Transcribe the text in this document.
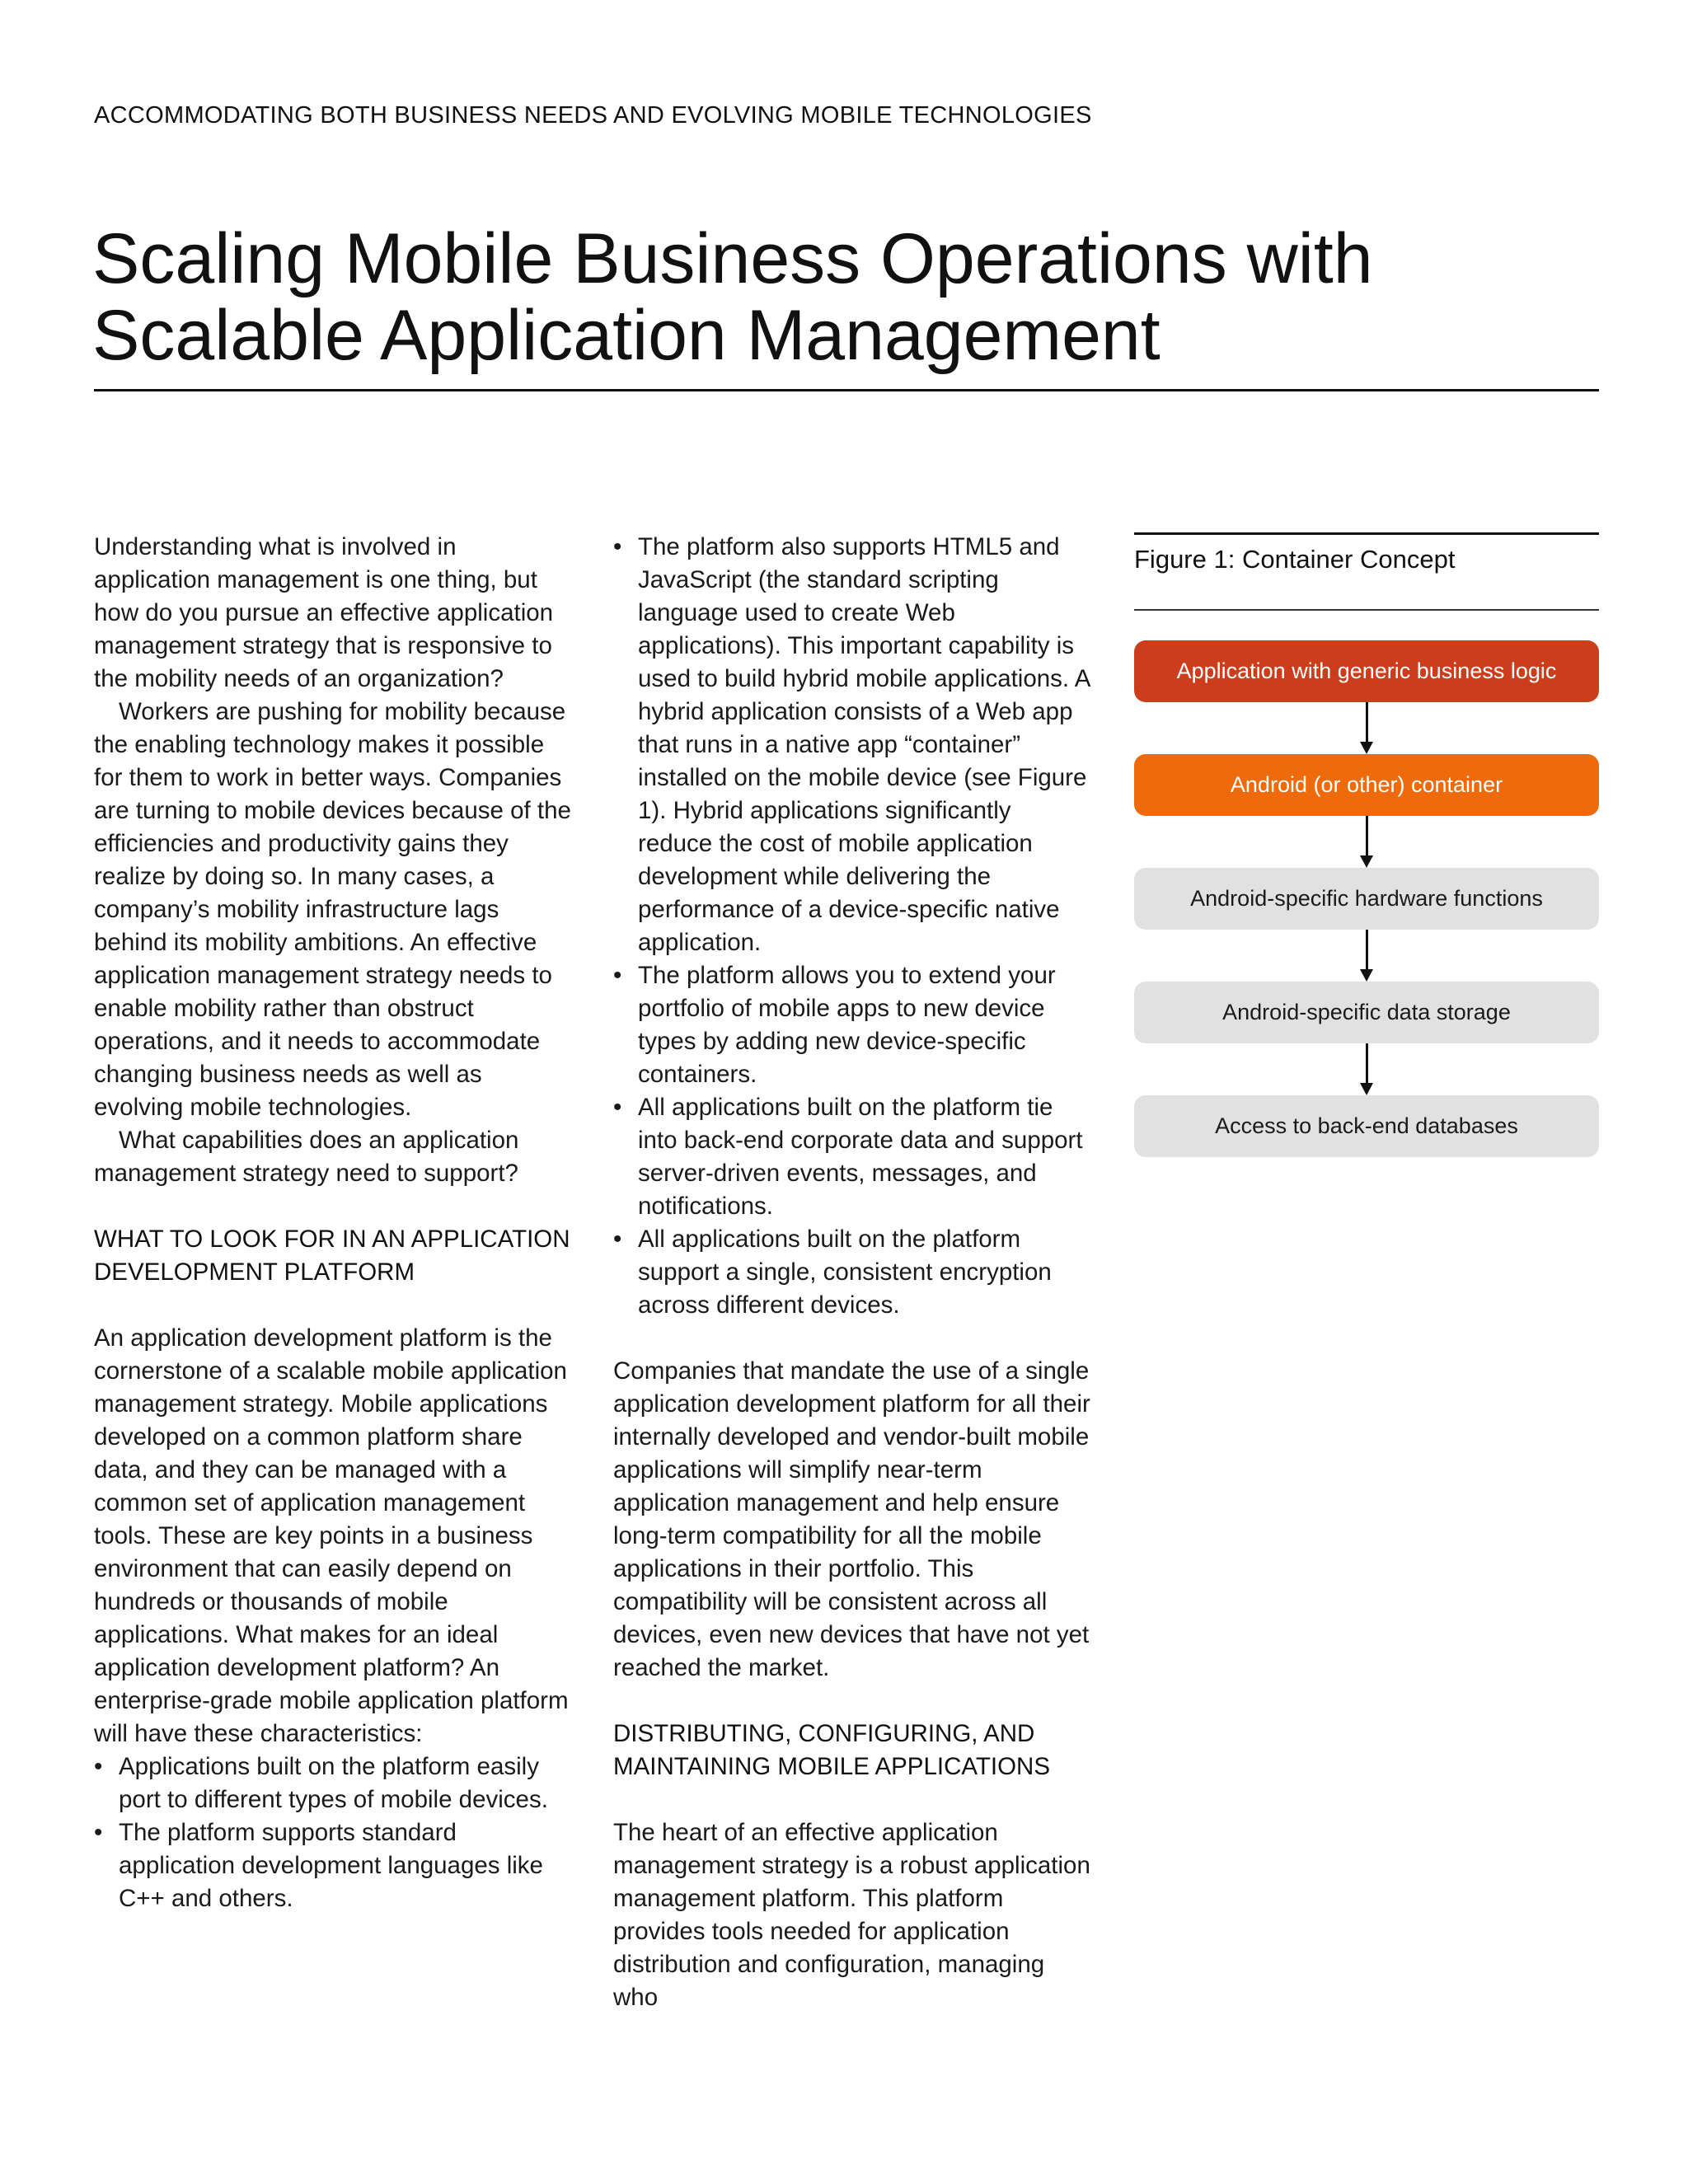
ACCOMMODATING BOTH BUSINESS NEEDS AND EVOLVING MOBILE TECHNOLOGIES
Scaling Mobile Business Operations with
Scalable Application Management

Understanding what is involved in application management is one thing, but how do you pursue an effective application management strategy that is responsive to the mobility needs of an organization?

Workers are pushing for mobility because the enabling technology makes it possible for them to work in better ways. Companies are turning to mobile devices because of the efficiencies and productivity gains they realize by doing so. In many cases, a company’s mobility infrastructure lags behind its mobility ambitions. An effective application management strategy needs to enable mobility rather than obstruct operations, and it needs to accommodate changing business needs as well as evolving mobile technologies.

What capabilities does an application management strategy need to support?

WHAT TO LOOK FOR IN AN APPLICATION DEVELOPMENT PLATFORM

An application development platform is the cornerstone of a scalable mobile application management strategy. Mobile applications developed on a common platform share data, and they can be managed with a common set of application management tools. These are key points in a business environment that can easily depend on hundreds or thousands of mobile applications. What makes for an ideal application development platform? An enterprise-grade mobile application platform will have these characteristics:

• Applications built on the platform easily port to different types of mobile devices.
• The platform supports standard application development languages like C++ and others.
• The platform also supports HTML5 and JavaScript (the standard scripting language used to create Web applications). This important capability is used to build hybrid mobile applications. A hybrid application consists of a Web app that runs in a native app “container” installed on the mobile device (see Figure 1). Hybrid applications significantly reduce the cost of mobile application development while delivering the performance of a device-specific native application.
• The platform allows you to extend your portfolio of mobile apps to new device types by adding new device-specific containers.
• All applications built on the platform tie into back-end corporate data and support server-driven events, messages, and notifications.
• All applications built on the platform support a single, consistent encryption across different devices.

Companies that mandate the use of a single application development platform for all their internally developed and vendor-built mobile applications will simplify near-term application management and help ensure long-term compatibility for all the mobile applications in their portfolio. This compatibility will be consistent across all devices, even new devices that have not yet reached the market.

DISTRIBUTING, CONFIGURING, AND MAINTAINING MOBILE APPLICATIONS

The heart of an effective application management strategy is a robust application management platform. This platform provides tools needed for application distribution and configuration, managing who

Figure 1: Container Concept
Application with generic business logic
Android (or other) container
Android-specific hardware functions
Android-specific data storage
Access to back-end databases
